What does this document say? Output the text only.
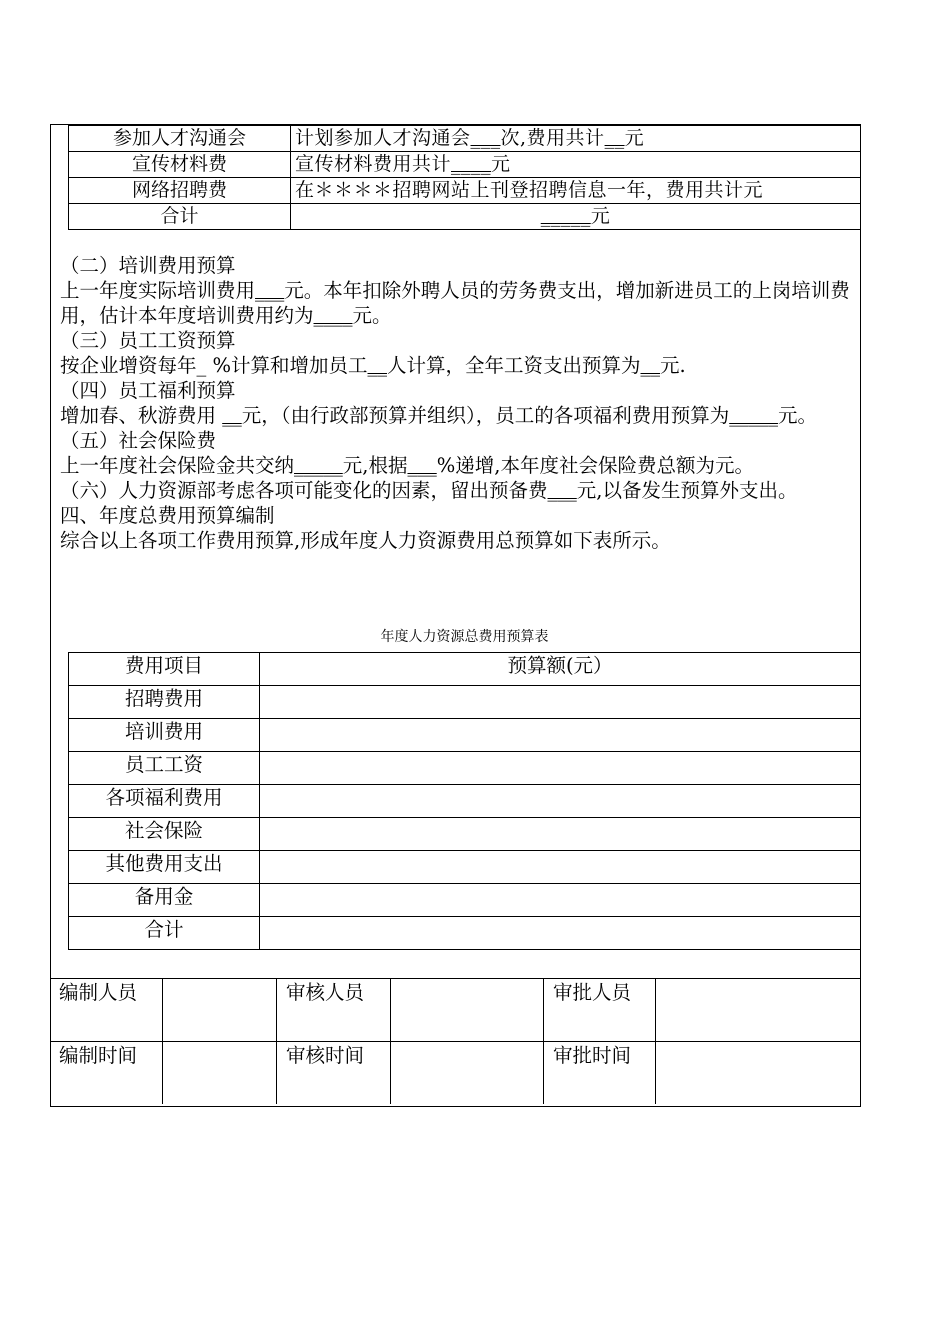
参加人才沟通会	计划参加人才沟通会___次,费用共计__元
宣传材料费	宣传材料费用共计____元
网络招聘费	在＊＊＊＊招聘网站上刊登招聘信息一年，费用共计元
合计	_____元

（二）培训费用预算

上一年度实际培训费用___元。本年扣除外聘人员的劳务费支出，增加新进员工的上岗培训费用，估计本年度培训费用约为____元。

（三）员工工资预算

按企业增资每年_ %计算和增加员工__人计算，全年工资支出预算为__元.

（四）员工福利预算

增加春、秋游费用 __元，（由行政部预算并组织），员工的各项福利费用预算为_____元。

（五）社会保险费

上一年度社会保险金共交纳_____元,根据___%递增,本年度社会保险费总额为元。

（六）人力资源部考虑各项可能变化的因素，留出预备费___元,以备发生预算外支出。

四、年度总费用预算编制

综合以上各项工作费用预算,形成年度人力资源费用总预算如下表所示。

年度人力资源总费用预算表
费用项目	预算额(元）
招聘费用	
培训费用	
员工工资	
各项福利费用	
社会保险	
其他费用支出	
备用金	
合计	
编制人员		审核人员		审批人员	
编制时间		审核时间		审批时间	
